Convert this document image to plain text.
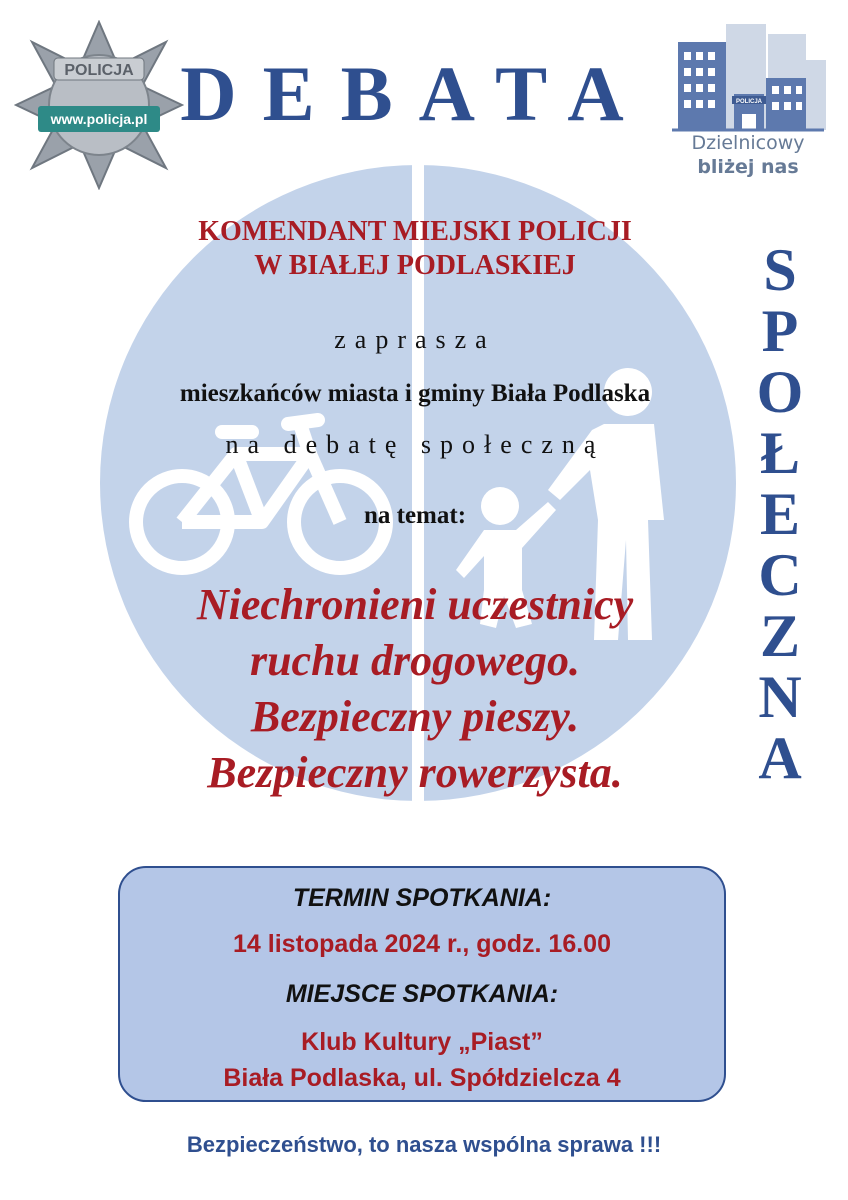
POLICJA
www.policja.pl DEBATA	POLICJA
Dzielnicowy
bliżej nas
S
P
O
Ł
E
C
Z
N
A
KOMENDANT MIEJSKI POLICJI
W BIAŁEJ PODLASKIEJ
zaprasza
mieszkańców miasta i gminy Biała Podlaska
na debatę społeczną
na temat:
Niechronieni uczestnicy
ruchu drogowego.
Bezpieczny pieszy.
Bezpieczny rowerzysta.
TERMIN SPOTKANIA:
14 listopada 2024 r., godz. 16.00
MIEJSCE SPOTKANIA:
Klub Kultury „Piast”
Biała Podlaska, ul. Spółdzielcza 4
Bezpieczeństwo, to nasza wspólna sprawa !!!
